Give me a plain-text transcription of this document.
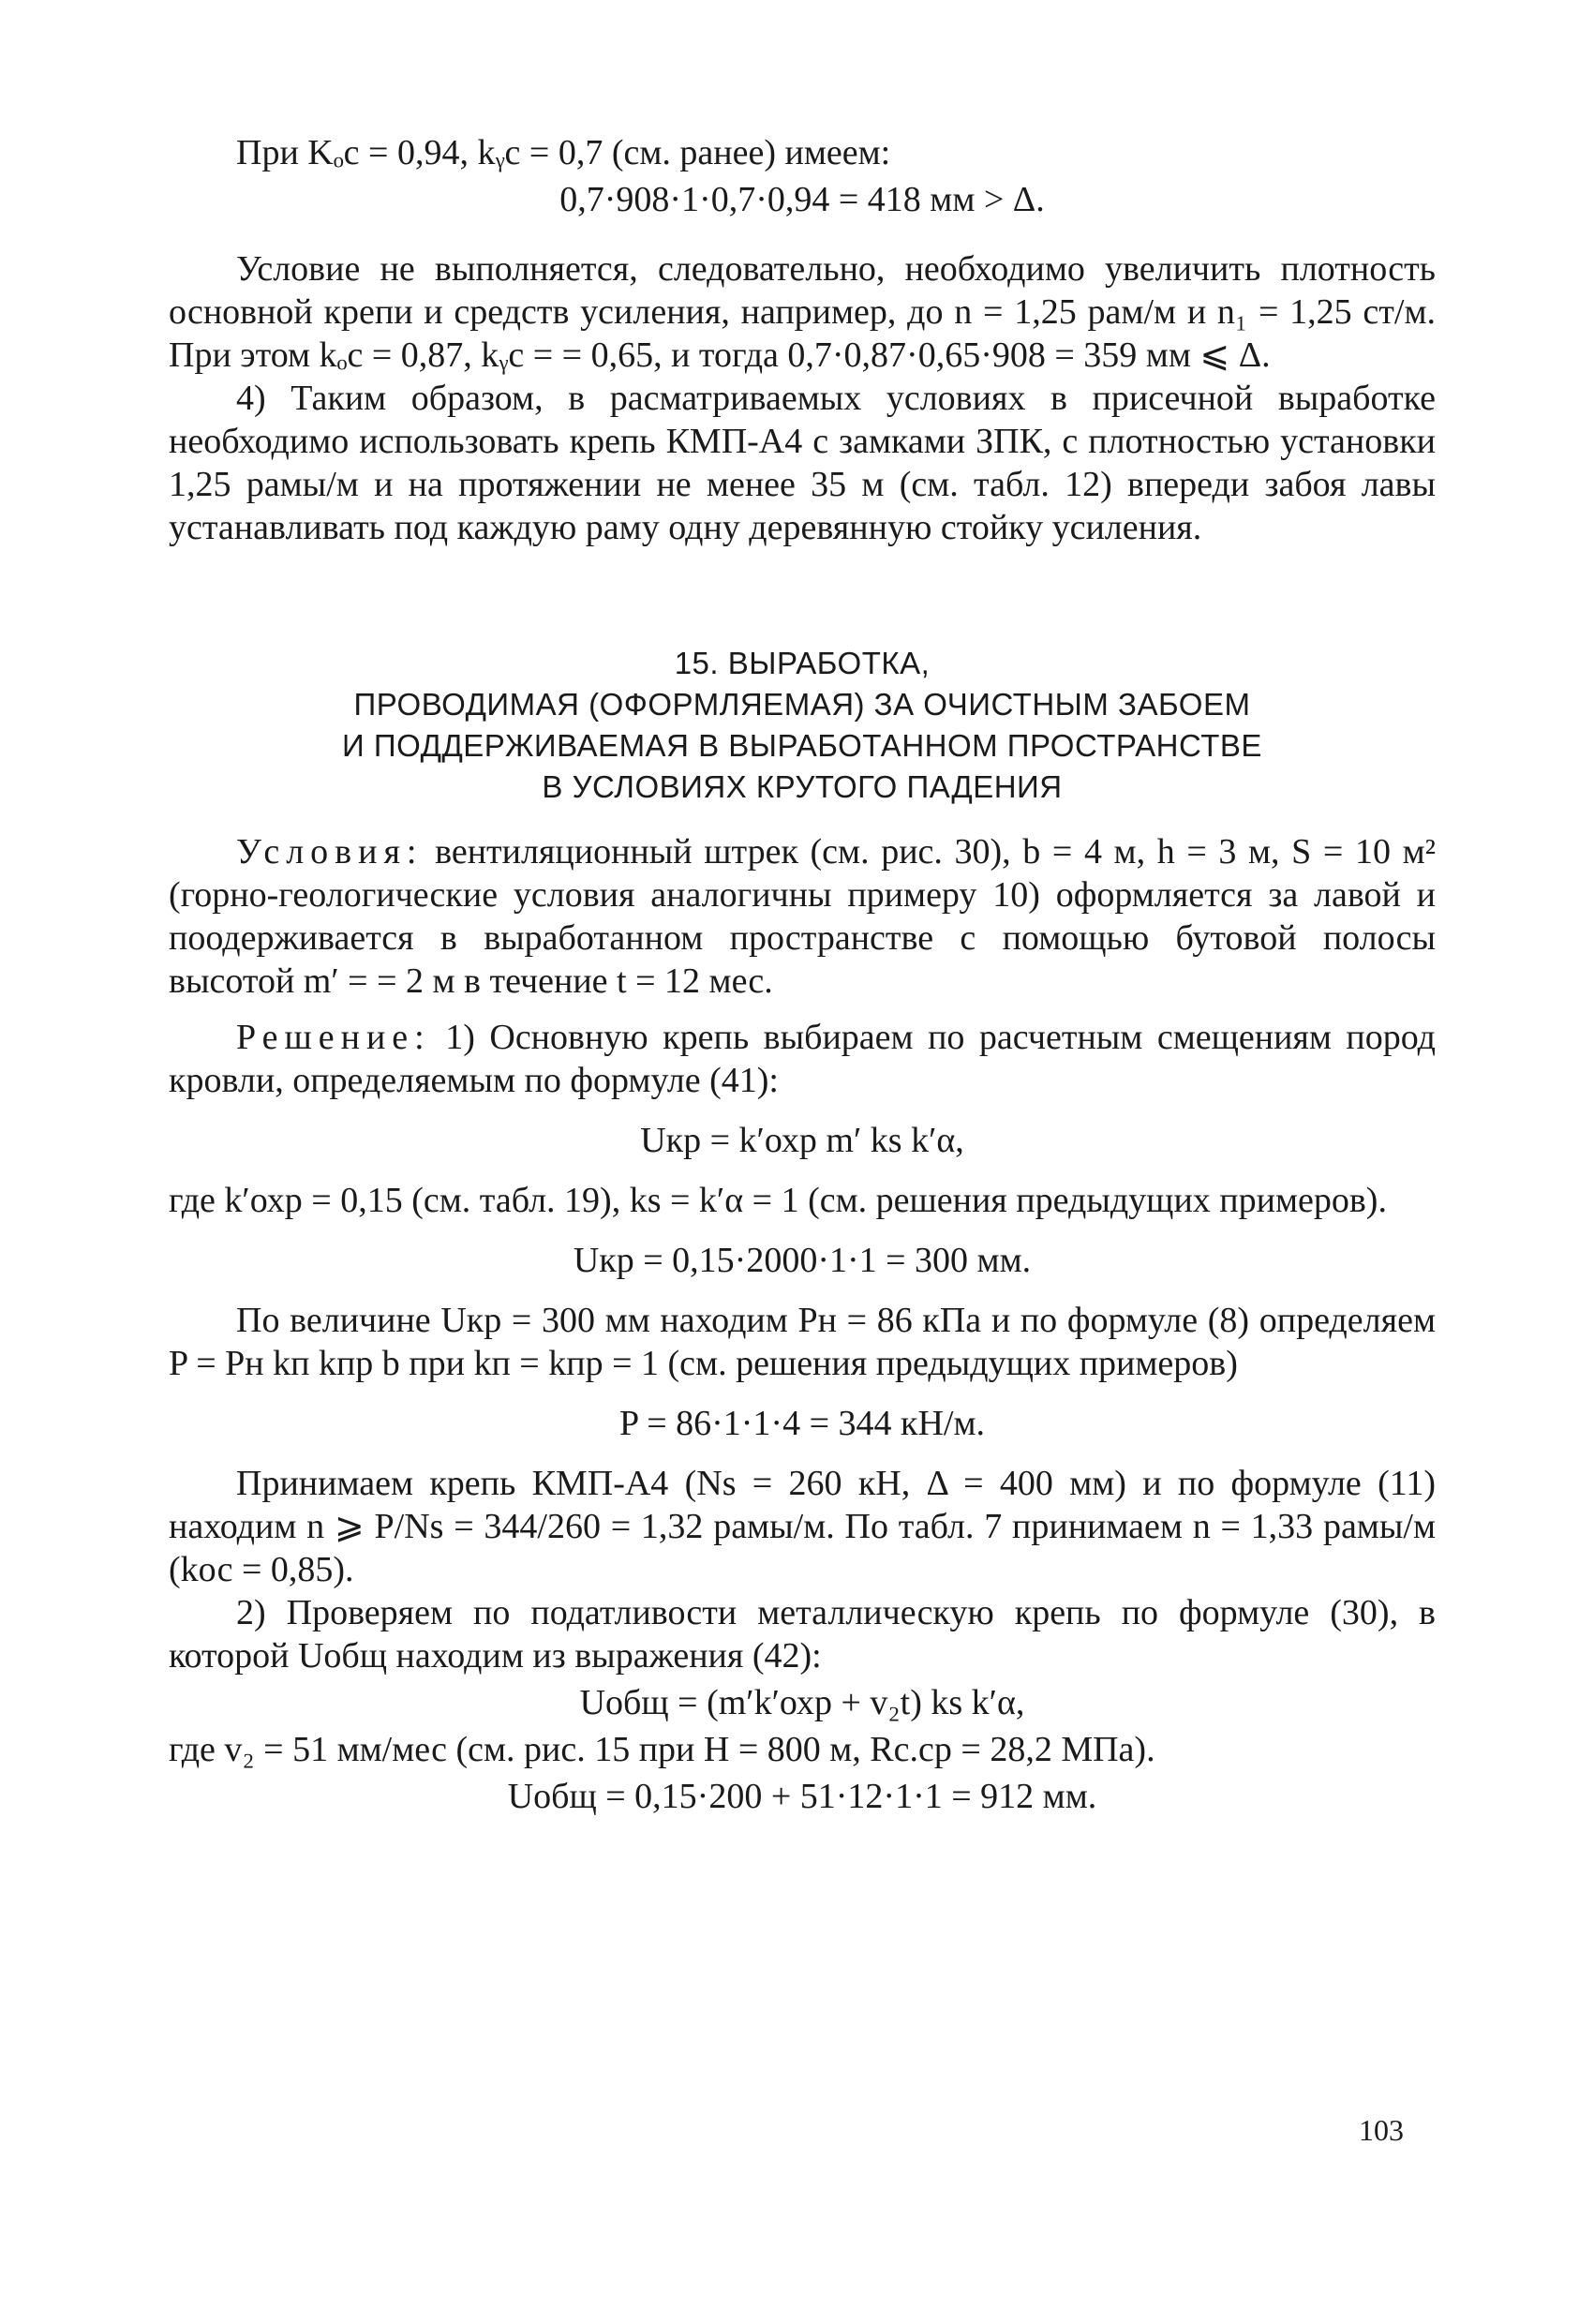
При Kₒc = 0,94, kᵧc = 0,7 (см. ранее) имеем:

0,7·908·1·0,7·0,94 = 418 мм > Δ.

Условие не выполняется, следовательно, необходимо увеличить плотность основной крепи и средств усиления, например, до n = 1,25 рам/м и n₁ = 1,25 ст/м. При этом kₒc = 0,87, kᵧc = = 0,65, и тогда 0,7·0,87·0,65·908 = 359 мм ⩽ Δ.

4) Таким образом, в расматриваемых условиях в присечной выработке необходимо использовать крепь КМП-А4 с замками ЗПК, с плотностью установки 1,25 рамы/м и на протяжении не менее 35 м (см. табл. 12) впереди забоя лавы устанавливать под каждую раму одну деревянную стойку усиления.

15. ВЫРАБОТКА,
ПРОВОДИМАЯ (ОФОРМЛЯЕМАЯ) ЗА ОЧИСТНЫМ ЗАБОЕМ
И ПОДДЕРЖИВАЕМАЯ В ВЫРАБОТАННОМ ПРОСТРАНСТВЕ
В УСЛОВИЯХ КРУТОГО ПАДЕНИЯ

Условия: вентиляционный штрек (см. рис. 30), b = 4 м, h = 3 м, S = 10 м² (горно-геологические условия аналогичны примеру 10) оформляется за лавой и поодерживается в выработанном пространстве с помощью бутовой полосы высотой m′ = = 2 м в течение t = 12 мес.

Решение: 1) Основную крепь выбираем по расчетным смещениям пород кровли, определяемым по формуле (41):

Uкр = k′охр m′ ks k′α,

где k′охр = 0,15 (см. табл. 19), ks = k′α = 1 (см. решения предыдущих примеров).

Uкр = 0,15·2000·1·1 = 300 мм.

По величине Uкр = 300 мм находим Pн = 86 кПа и по формуле (8) определяем P = Pн kп kпр b при kп = kпр = 1 (см. решения предыдущих примеров)

P = 86·1·1·4 = 344 кН/м.

Принимаем крепь КМП-А4 (Ns = 260 кН, Δ = 400 мм) и по формуле (11) находим n ⩾ P/Ns = 344/260 = 1,32 рамы/м. По табл. 7 принимаем n = 1,33 рамы/м (kос = 0,85).

2) Проверяем по податливости металлическую крепь по формуле (30), в которой Uобщ находим из выражения (42):

Uобщ = (m′k′охр + v₂t) ks k′α,

где v₂ = 51 мм/мес (см. рис. 15 при H = 800 м, Rс.ср = 28,2 МПа).

Uобщ = 0,15·200 + 51·12·1·1 = 912 мм.

103
